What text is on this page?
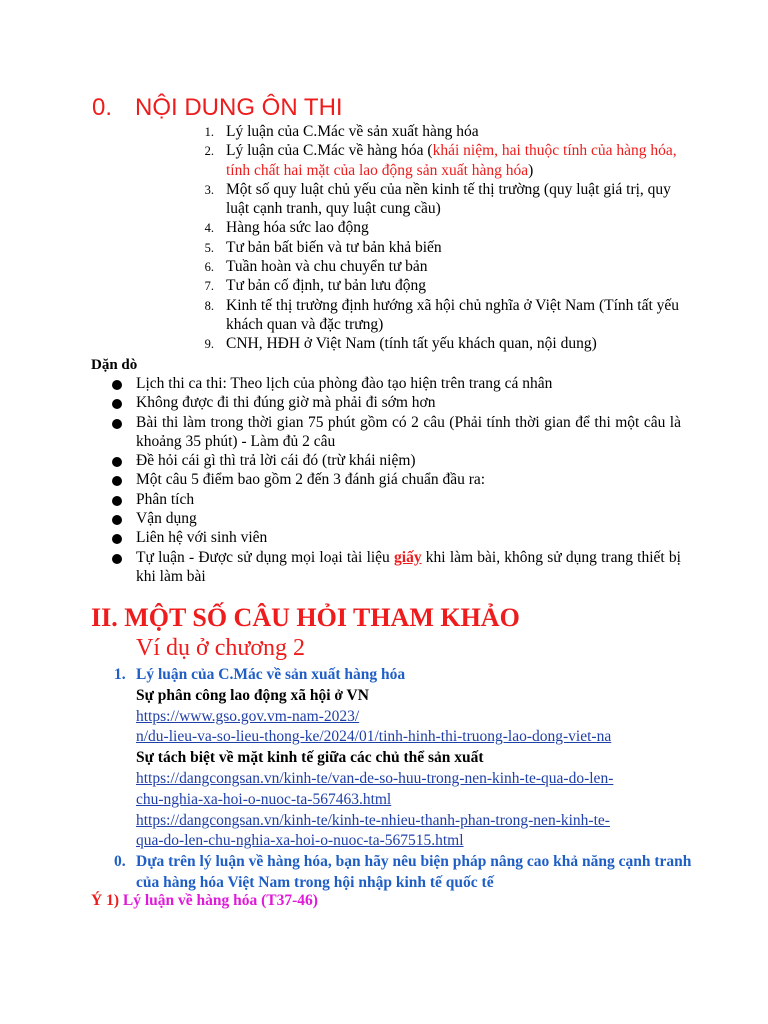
0. NỘI DUNG ÔN THI
1. Lý luận của C.Mác về sản xuất hàng hóa
2. Lý luận của C.Mác về hàng hóa (khái niệm, hai thuộc tính của hàng hóa, tính chất hai mặt của lao động sản xuất hàng hóa)
3. Một số quy luật chủ yếu của nền kinh tế thị trường (quy luật giá trị, quy luật cạnh tranh, quy luật cung cầu)
4. Hàng hóa sức lao động
5. Tư bản bất biến và tư bản khả biến
6. Tuần hoàn và chu chuyển tư bản
7. Tư bản cố định, tư bản lưu động
8. Kinh tế thị trường định hướng xã hội chủ nghĩa ở Việt Nam (Tính tất yếu khách quan và đặc trưng)
9. CNH, HĐH ở Việt Nam (tính tất yếu khách quan, nội dung)
Dặn dò
Lịch thi ca thi: Theo lịch của phòng đào tạo hiện trên trang cá nhân
Không được đi thi đúng giờ mà phải đi sớm hơn
Bài thi làm trong thời gian 75 phút gồm có 2 câu (Phải tính thời gian để thi một câu là khoảng 35 phút) - Làm đủ 2 câu
Đề hỏi cái gì thì trả lời cái đó (trừ khái niệm)
Một câu 5 điểm bao gồm 2 đến 3 đánh giá chuẩn đầu ra:
Phân tích
Vận dụng
Liên hệ với sinh viên
Tự luận - Được sử dụng mọi loại tài liệu giấy khi làm bài, không sử dụng trang thiết bị khi làm bài
II. MỘT SỐ CÂU HỎI THAM KHẢO
Ví dụ ở chương 2
1. Lý luận của C.Mác về sản xuất hàng hóa
Sự phân công lao động xã hội ở VN
https://www.gso.gov.vm-nam-2023/
n/du-lieu-va-so-lieu-thong-ke/2024/01/tinh-hinh-thi-truong-lao-dong-viet-na
Sự tách biệt về mặt kinh tế giữa các chủ thể sản xuất
https://dangcongsan.vn/kinh-te/van-de-so-huu-trong-nen-kinh-te-qua-do-len-
chu-nghia-xa-hoi-o-nuoc-ta-567463.html
https://dangcongsan.vn/kinh-te/kinh-te-nhieu-thanh-phan-trong-nen-kinh-te-
qua-do-len-chu-nghia-xa-hoi-o-nuoc-ta-567515.html
0. Dựa trên lý luận về hàng hóa, bạn hãy nêu biện pháp nâng cao khả năng cạnh tranh của hàng hóa Việt Nam trong hội nhập kinh tế quốc tế
Ý 1) Lý luận về hàng hóa (T37-46)
